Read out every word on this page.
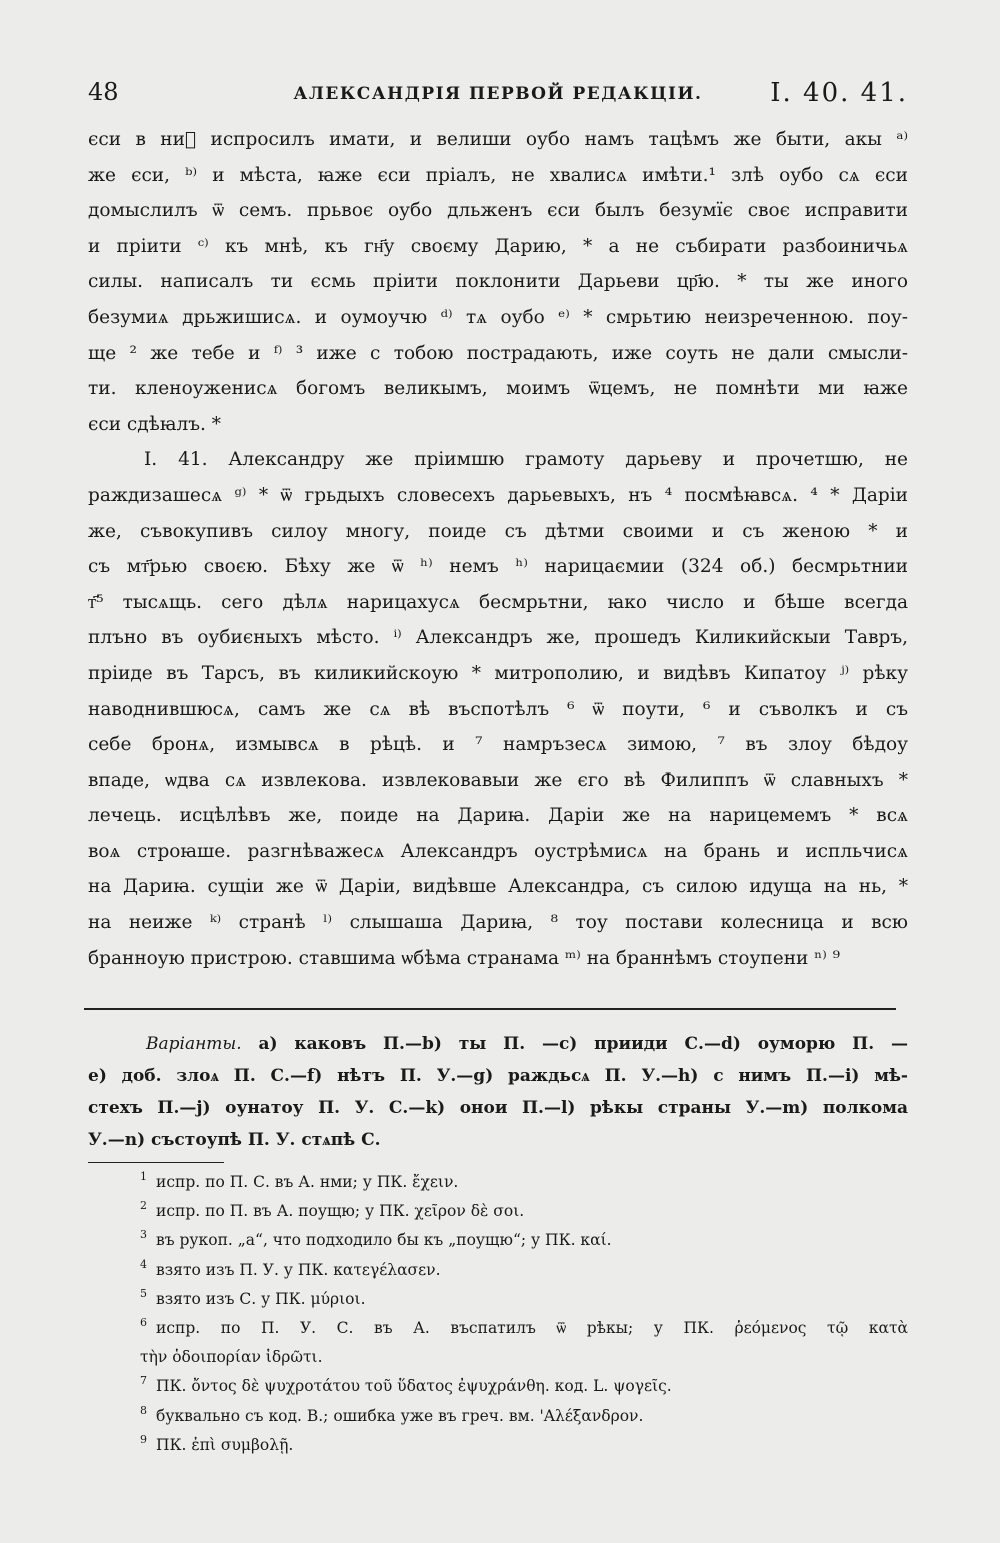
48	АЛЕКСАНДРІЯ ПЕРВОЙ РЕДАКЦІИ.	I. 40. 41.
єси в ниⷯ испросилъ имати, и велиши оубо намъ тацѣмъ же быти, акы ᵃ⁾
же єси, ᵇ⁾ и мѣста, ꙗже єси пріалъ, не хвалисѧ имѣти.¹ злѣ оубо сѧ єси
домыслилъ ѿ семъ. прьвоє оубо дльженъ єси былъ безумїє своє исправити
и пріити ᶜ⁾ къ мнѣ, къ гн҃у своєму Дарию, * а не събирати разбоиничьѧ
силы. написалъ ти єсмь пріити поклонити Дарьеви цр҃ю. * ты же иного
безумиѧ дрьжишисѧ. и оумоучю ᵈ⁾ тѧ оубо ᵉ⁾ * смрьтию неизреченною. поу-
ще ² же тебе и ᶠ⁾ ³ иже с тобою пострадають, иже соуть не дали смысли-
ти. кленоуженисѧ богомъ великымъ, моимъ ѿцемъ, не помнѣти ми ꙗже
єси сдѣꙗлъ. *
I. 41. Александру же пріимшю грамоту дарьеву и прочетшю, не
раждизашесѧ ᵍ⁾ * ѿ грьдыхъ словесехъ дарьевыхъ, нъ ⁴ посмѣꙗвсѧ. ⁴ * Даріи
же, съвокупивъ силоу многу, поиде съ дѣтми своими и съ женою * и
съ мт҃рью своєю. Бѣху же ѿ ʰ⁾ немъ ʰ⁾ нарицаємии (324 об.) бесмрьтнии
т҃⁵ тысѧщь. сего дѣлѧ нарицахусѧ бесмрьтни, ꙗко число и бѣше всегда
плъно въ оубиєныхъ мѣсто. ⁱ⁾ Александръ же, прошедъ Киликийскыи Тавръ,
пріиде въ Тарсъ, въ киликийскоую * митрополию, и видѣвъ Кипатоу ʲ⁾ рѣку
наводнившюсѧ, самъ же сѧ вѣ въспотѣлъ ⁶ ѿ поути, ⁶ и съволкъ и съ
себе бронѧ, измывсѧ в рѣцѣ. и ⁷ намръзесѧ зимою, ⁷ въ злоу бѣдоу
впаде, ѡдва сѧ извлекова. извлековавыи же єго вѣ Филиппъ ѿ славныхъ *
лечець. исцѣлѣвъ же, поиде на Дариꙗ. Даріи же на нарицемемъ * всѧ
воѧ строꙗше. разгнѣважесѧ Александръ оустрѣмисѧ на брань и испльчисѧ
на Дариꙗ. сущіи же ѿ Даріи, видѣвше Александра, съ силою идуща на нь, *
на неиже ᵏ⁾ странѣ ˡ⁾ слышаша Дариꙗ, ⁸ тоу постави колесница и всю
браннoую пристрою. ставшима ѡбѣма странама ᵐ⁾ на браннѣмъ стоупени ⁿ⁾ ⁹
Варіанты. a) каковъ П.—b) ты П. —c) прииди С.—d) оуморю П. —
e) доб. злоѧ П. С.—f) нѣтъ П. У.—g) раждьсѧ П. У.—h) с нимъ П.—i) мѣ-
стехъ П.—j) оунатоу П. У. С.—k) онои П.—l) рѣкы страны У.—m) полкома
У.—n) състоупѣ П. У. стѧпѣ С.
1 испр. по П. С. въ А. нми; у ПК. ἔχειν.
2 испр. по П. въ А. поущю; у ПК. χεῖρον δὲ σοι.
3 въ рукоп. „а“, что подходило бы къ „поущю“; у ПК. καί.
4 взято изъ П. У. у ПК. κατεγέλασεν.
5 взято изъ С. у ПК. μύριοι.
6 испр. по П. У. С. въ А. въспатилъ ѿ рѣкы; у ПК. ῥεόμενος τῷ κατὰ
τὴν ὁδοιπορίαν ἱδρῶτι.
7 ПК. ὄντος δὲ ψυχροτάτου τοῦ ὕδατος ἐψυχράνθη. код. L. ψογεῖς.
8 буквально съ код. B.; ошибка уже въ греч. вм. 'Αλέξανδρον.
9 ПК. ἐπὶ συμβολῇ.
